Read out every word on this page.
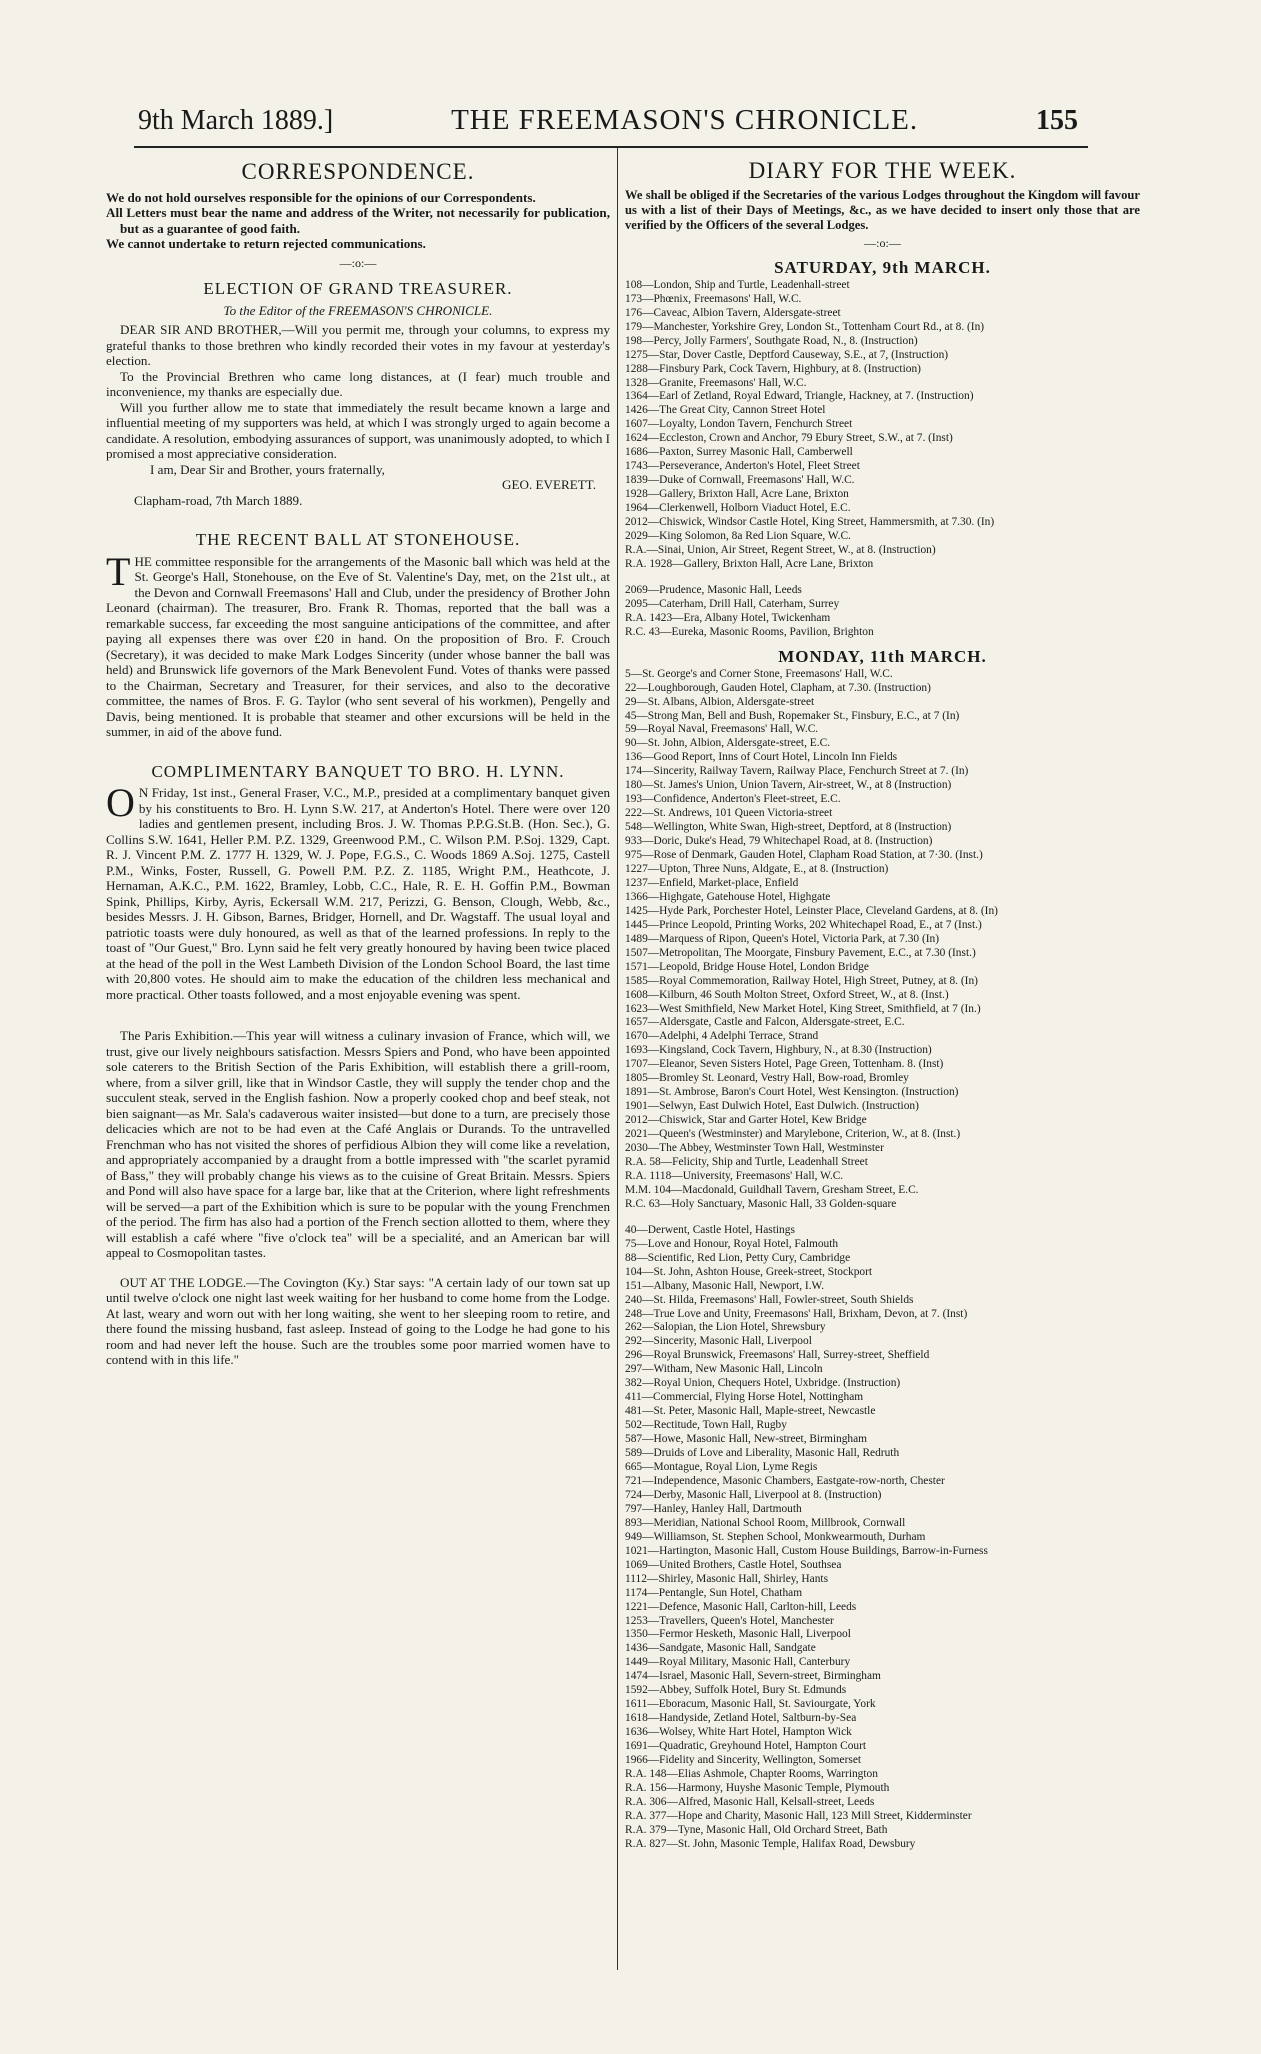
9th March 1889.]	THE FREEMASON'S CHRONICLE.	155
CORRESPONDENCE.

We do not hold ourselves responsible for the opinions of our Correspondents.

All Letters must bear the name and address of the Writer, not necessarily for publication, but as a guarantee of good faith.

We cannot undertake to return rejected communications.

—:o:—
ELECTION OF GRAND TREASURER.
To the Editor of the FREEMASON'S CHRONICLE.

DEAR SIR AND BROTHER,—Will you permit me, through your columns, to express my grateful thanks to those brethren who kindly recorded their votes in my favour at yesterday's election.

To the Provincial Brethren who came long distances, at (I fear) much trouble and inconvenience, my thanks are especially due.

Will you further allow me to state that immediately the result became known a large and influential meeting of my supporters was held, at which I was strongly urged to again become a candidate. A resolution, embodying assurances of support, was unanimously adopted, to which I promised a most appreciative consideration.

I am, Dear Sir and Brother, yours fraternally,

GEO. EVERETT.

Clapham-road, 7th March 1889.

THE RECENT BALL AT STONEHOUSE.

THE committee responsible for the arrangements of the Masonic ball which was held at the St. George's Hall, Stonehouse, on the Eve of St. Valentine's Day, met, on the 21st ult., at the Devon and Cornwall Freemasons' Hall and Club, under the presidency of Brother John Leonard (chairman). The treasurer, Bro. Frank R. Thomas, reported that the ball was a remarkable success, far exceeding the most sanguine anticipations of the committee, and after paying all expenses there was over £20 in hand. On the proposition of Bro. F. Crouch (Secretary), it was decided to make Mark Lodges Sincerity (under whose banner the ball was held) and Brunswick life governors of the Mark Benevolent Fund. Votes of thanks were passed to the Chairman, Secretary and Treasurer, for their services, and also to the decorative committee, the names of Bros. F. G. Taylor (who sent several of his workmen), Pengelly and Davis, being mentioned. It is probable that steamer and other excursions will be held in the summer, in aid of the above fund.

COMPLIMENTARY BANQUET TO BRO. H. LYNN.

O N Friday, 1st inst., General Fraser, V.C., M.P., presided at a complimentary banquet given by his constituents to Bro. H. Lynn S.W. 217, at Anderton's Hotel. There were over 120 ladies and gentlemen present, including Bros. J. W. Thomas P.P.G.St.B. (Hon. Sec.), G. Collins S.W. 1641, Heller P.M. P.Z. 1329, Greenwood P.M., C. Wilson P.M. P.Soj. 1329, Capt. R. J. Vincent P.M. Z. 1777 H. 1329, W. J. Pope, F.G.S., C. Woods 1869 A.Soj. 1275, Castell P.M., Winks, Foster, Russell, G. Powell P.M. P.Z. Z. 1185, Wright P.M., Heathcote, J. Hernaman, A.K.C., P.M. 1622, Bramley, Lobb, C.C., Hale, R. E. H. Goffin P.M., Bowman Spink, Phillips, Kirby, Ayris, Eckersall W.M. 217, Perizzi, G. Benson, Clough, Webb, &c., besides Messrs. J. H. Gibson, Barnes, Bridger, Hornell, and Dr. Wagstaff. The usual loyal and patriotic toasts were duly honoured, as well as that of the learned professions. In reply to the toast of "Our Guest," Bro. Lynn said he felt very greatly honoured by having been twice placed at the head of the poll in the West Lambeth Division of the London School Board, the last time with 20,800 votes. He should aim to make the education of the children less mechanical and more practical. Other toasts followed, and a most enjoyable evening was spent.

The Paris Exhibition.—This year will witness a culinary invasion of France, which will, we trust, give our lively neighbours satisfaction. Messrs Spiers and Pond, who have been appointed sole caterers to the British Section of the Paris Exhibition, will establish there a grill-room, where, from a silver grill, like that in Windsor Castle, they will supply the tender chop and the succulent steak, served in the English fashion. Now a properly cooked chop and beef steak, not bien saignant—as Mr. Sala's cadaverous waiter insisted—but done to a turn, are precisely those delicacies which are not to be had even at the Café Anglais or Durands. To the untravelled Frenchman who has not visited the shores of perfidious Albion they will come like a revelation, and appropriately accompanied by a draught from a bottle impressed with "the scarlet pyramid of Bass," they will probably change his views as to the cuisine of Great Britain. Messrs. Spiers and Pond will also have space for a large bar, like that at the Criterion, where light refreshments will be served—a part of the Exhibition which is sure to be popular with the young Frenchmen of the period. The firm has also had a portion of the French section allotted to them, where they will establish a café where "five o'clock tea" will be a specialité, and an American bar will appeal to Cosmopolitan tastes.

OUT AT THE LODGE.—The Covington (Ky.) Star says: "A certain lady of our town sat up until twelve o'clock one night last week waiting for her husband to come home from the Lodge. At last, weary and worn out with her long waiting, she went to her sleeping room to retire, and there found the missing husband, fast asleep. Instead of going to the Lodge he had gone to his room and had never left the house. Such are the troubles some poor married women have to contend with in this life."

DIARY FOR THE WEEK.
We shall be obliged if the Secretaries of the various Lodges throughout the Kingdom will favour us with a list of their Days of Meetings, &c., as we have decided to insert only those that are verified by the Officers of the several Lodges.
—:o:—
SATURDAY, 9th MARCH.
108—London, Ship and Turtle, Leadenhall-street
173—Phœnix, Freemasons' Hall, W.C.
176—Caveac, Albion Tavern, Aldersgate-street
179—Manchester, Yorkshire Grey, London St., Tottenham Court Rd., at 8. (In)
198—Percy, Jolly Farmers', Southgate Road, N., 8. (Instruction)
1275—Star, Dover Castle, Deptford Causeway, S.E., at 7, (Instruction)
1288—Finsbury Park, Cock Tavern, Highbury, at 8. (Instruction)
1328—Granite, Freemasons' Hall, W.C.
1364—Earl of Zetland, Royal Edward, Triangle, Hackney, at 7. (Instruction)
1426—The Great City, Cannon Street Hotel
1607—Loyalty, London Tavern, Fenchurch Street
1624—Eccleston, Crown and Anchor, 79 Ebury Street, S.W., at 7. (Inst)
1686—Paxton, Surrey Masonic Hall, Camberwell
1743—Perseverance, Anderton's Hotel, Fleet Street
1839—Duke of Cornwall, Freemasons' Hall, W.C.
1928—Gallery, Brixton Hall, Acre Lane, Brixton
1964—Clerkenwell, Holborn Viaduct Hotel, E.C.
2012—Chiswick, Windsor Castle Hotel, King Street, Hammersmith, at 7.30. (In)
2029—King Solomon, 8a Red Lion Square, W.C.
R.A.—Sinai, Union, Air Street, Regent Street, W., at 8. (Instruction)
R.A. 1928—Gallery, Brixton Hall, Acre Lane, Brixton
2069—Prudence, Masonic Hall, Leeds
2095—Caterham, Drill Hall, Caterham, Surrey
R.A. 1423—Era, Albany Hotel, Twickenham
R.C. 43—Eureka, Masonic Rooms, Pavilion, Brighton
MONDAY, 11th MARCH.
5—St. George's and Corner Stone, Freemasons' Hall, W.C.
22—Loughborough, Gauden Hotel, Clapham, at 7.30. (Instruction)
29—St. Albans, Albion, Aldersgate-street
45—Strong Man, Bell and Bush, Ropemaker St., Finsbury, E.C., at 7 (In)
59—Royal Naval, Freemasons' Hall, W.C.
90—St. John, Albion, Aldersgate-street, E.C.
136—Good Report, Inns of Court Hotel, Lincoln Inn Fields
174—Sincerity, Railway Tavern, Railway Place, Fenchurch Street at 7. (In)
180—St. James's Union, Union Tavern, Air-street, W., at 8 (Instruction)
193—Confidence, Anderton's Fleet-street, E.C.
222—St. Andrews, 101 Queen Victoria-street
548—Wellington, White Swan, High-street, Deptford, at 8 (Instruction)
933—Doric, Duke's Head, 79 Whitechapel Road, at 8. (Instruction)
975—Rose of Denmark, Gauden Hotel, Clapham Road Station, at 7·30. (Inst.)
1227—Upton, Three Nuns, Aldgate, E., at 8. (Instruction)
1237—Enfield, Market-place, Enfield
1366—Highgate, Gatehouse Hotel, Highgate
1425—Hyde Park, Porchester Hotel, Leinster Place, Cleveland Gardens, at 8. (In)
1445—Prince Leopold, Printing Works, 202 Whitechapel Road, E., at 7 (Inst.)
1489—Marquess of Ripon, Queen's Hotel, Victoria Park, at 7.30 (In)
1507—Metropolitan, The Moorgate, Finsbury Pavement, E.C., at 7.30 (Inst.)
1571—Leopold, Bridge House Hotel, London Bridge
1585—Royal Commemoration, Railway Hotel, High Street, Putney, at 8. (In)
1608—Kilburn, 46 South Molton Street, Oxford Street, W., at 8. (Inst.)
1623—West Smithfield, New Market Hotel, King Street, Smithfield, at 7 (In.)
1657—Aldersgate, Castle and Falcon, Aldersgate-street, E.C.
1670—Adelphi, 4 Adelphi Terrace, Strand
1693—Kingsland, Cock Tavern, Highbury, N., at 8.30 (Instruction)
1707—Eleanor, Seven Sisters Hotel, Page Green, Tottenham. 8. (Inst)
1805—Bromley St. Leonard, Vestry Hall, Bow-road, Bromley
1891—St. Ambrose, Baron's Court Hotel, West Kensington. (Instruction)
1901—Selwyn, East Dulwich Hotel, East Dulwich. (Instruction)
2012—Chiswick, Star and Garter Hotel, Kew Bridge
2021—Queen's (Westminster) and Marylebone, Criterion, W., at 8. (Inst.)
2030—The Abbey, Westminster Town Hall, Westminster
R.A. 58—Felicity, Ship and Turtle, Leadenhall Street
R.A. 1118—University, Freemasons' Hall, W.C.
M.M. 104—Macdonald, Guildhall Tavern, Gresham Street, E.C.
R.C. 63—Holy Sanctuary, Masonic Hall, 33 Golden-square
40—Derwent, Castle Hotel, Hastings
75—Love and Honour, Royal Hotel, Falmouth
88—Scientific, Red Lion, Petty Cury, Cambridge
104—St. John, Ashton House, Greek-street, Stockport
151—Albany, Masonic Hall, Newport, I.W.
240—St. Hilda, Freemasons' Hall, Fowler-street, South Shields
248—True Love and Unity, Freemasons' Hall, Brixham, Devon, at 7. (Inst)
262—Salopian, the Lion Hotel, Shrewsbury
292—Sincerity, Masonic Hall, Liverpool
296—Royal Brunswick, Freemasons' Hall, Surrey-street, Sheffield
297—Witham, New Masonic Hall, Lincoln
382—Royal Union, Chequers Hotel, Uxbridge. (Instruction)
411—Commercial, Flying Horse Hotel, Nottingham
481—St. Peter, Masonic Hall, Maple-street, Newcastle
502—Rectitude, Town Hall, Rugby
587—Howe, Masonic Hall, New-street, Birmingham
589—Druids of Love and Liberality, Masonic Hall, Redruth
665—Montague, Royal Lion, Lyme Regis
721—Independence, Masonic Chambers, Eastgate-row-north, Chester
724—Derby, Masonic Hall, Liverpool at 8. (Instruction)
797—Hanley, Hanley Hall, Dartmouth
893—Meridian, National School Room, Millbrook, Cornwall
949—Williamson, St. Stephen School, Monkwearmouth, Durham
1021—Hartington, Masonic Hall, Custom House Buildings, Barrow-in-Furness
1069—United Brothers, Castle Hotel, Southsea
1112—Shirley, Masonic Hall, Shirley, Hants
1174—Pentangle, Sun Hotel, Chatham
1221—Defence, Masonic Hall, Carlton-hill, Leeds
1253—Travellers, Queen's Hotel, Manchester
1350—Fermor Hesketh, Masonic Hall, Liverpool
1436—Sandgate, Masonic Hall, Sandgate
1449—Royal Military, Masonic Hall, Canterbury
1474—Israel, Masonic Hall, Severn-street, Birmingham
1592—Abbey, Suffolk Hotel, Bury St. Edmunds
1611—Eboracum, Masonic Hall, St. Saviourgate, York
1618—Handyside, Zetland Hotel, Saltburn-by-Sea
1636—Wolsey, White Hart Hotel, Hampton Wick
1691—Quadratic, Greyhound Hotel, Hampton Court
1966—Fidelity and Sincerity, Wellington, Somerset
R.A. 148—Elias Ashmole, Chapter Rooms, Warrington
R.A. 156—Harmony, Huyshe Masonic Temple, Plymouth
R.A. 306—Alfred, Masonic Hall, Kelsall-street, Leeds
R.A. 377—Hope and Charity, Masonic Hall, 123 Mill Street, Kidderminster
R.A. 379—Tyne, Masonic Hall, Old Orchard Street, Bath
R.A. 827—St. John, Masonic Temple, Halifax Road, Dewsbury
